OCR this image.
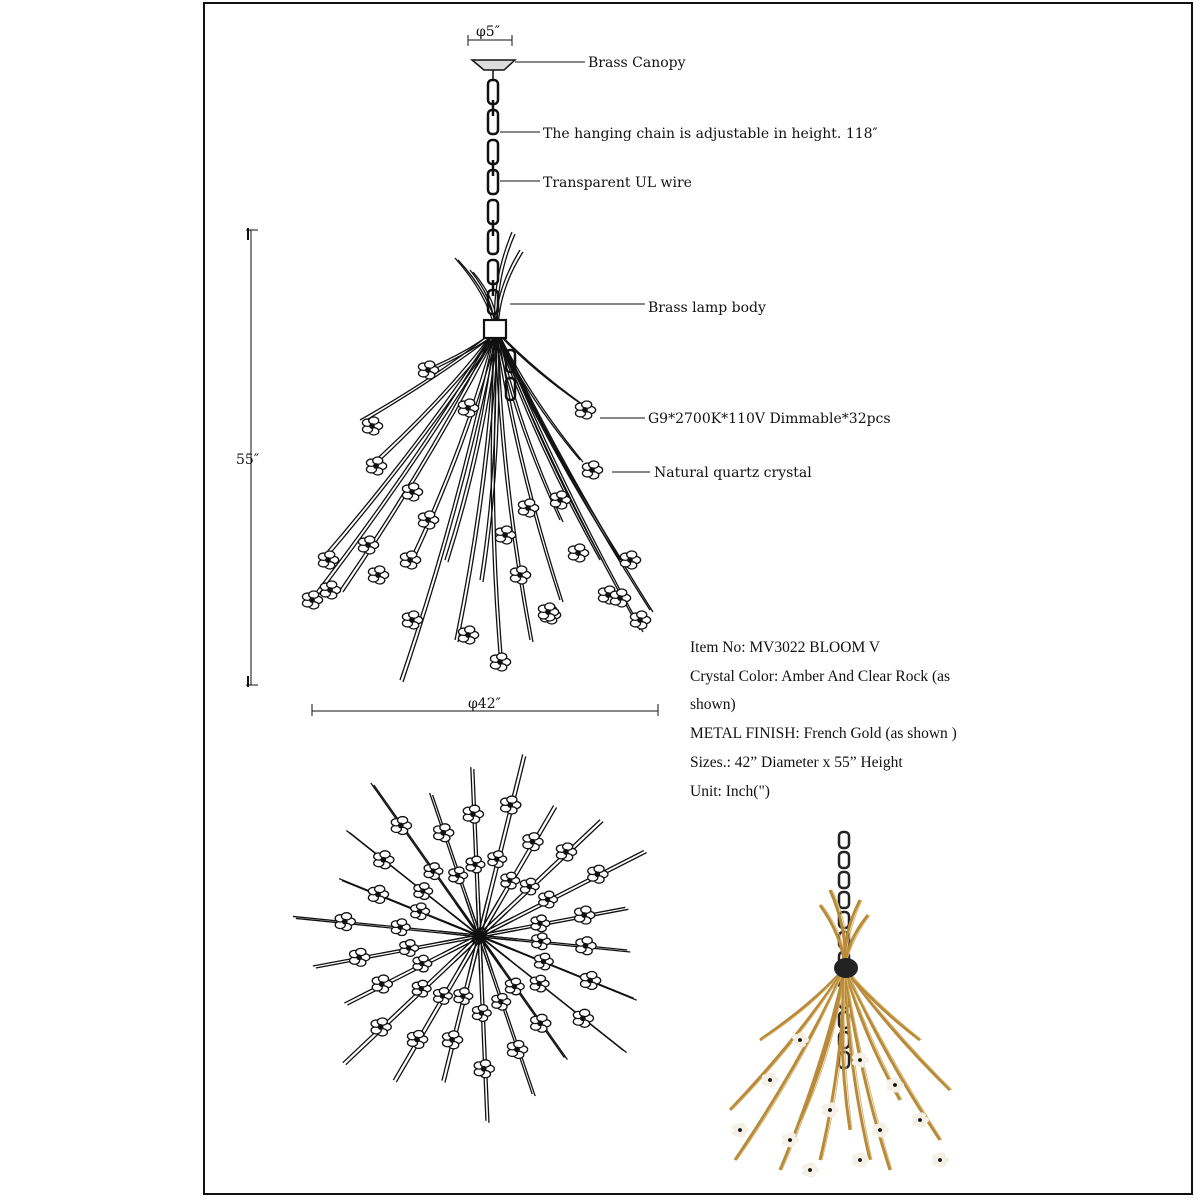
φ5″
Brass Canopy
The hanging chain is adjustable in height. 118″
Transparent UL wire
Brass lamp body
G9*2700K*110V Dimmable*32pcs
Natural quartz crystal
55″
φ42″
Item No: MV3022 BLOOM V
Crystal Color: Amber And Clear Rock (as
shown)
METAL FINISH: French Gold (as shown )
Sizes.: 42” Diameter x 55” Height
Unit: Inch(")
